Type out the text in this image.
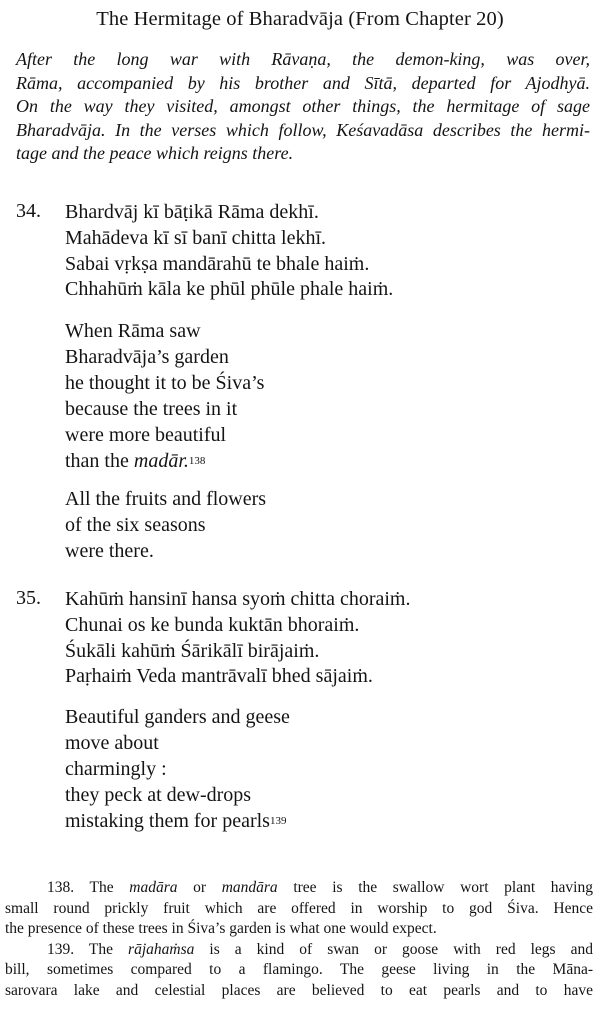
The Hermitage of Bharadvāja (From Chapter 20)
After the long war with Rāvaṇa, the demon-king, was over,
Rāma, accompanied by his brother and Sītā, departed for Ajodhyā.
On the way they visited, amongst other things, the hermitage of sage
Bharadvāja. In the verses which follow, Keśavadāsa describes the hermi-
tage and the peace which reigns there.
34. Bhardvāj kī bāṭikā Rāma dekhī.
Mahādeva kī sī banī chitta lekhī.
Sabai vṛkṣa mandārahū te bhale haiṁ.
Chhahūṁ kāla ke phūl phūle phale haiṁ.
When Rāma saw
Bharadvāja’s garden
he thought it to be Śiva’s
because the trees in it
were more beautiful
than the madār.$^{138}$
All the fruits and flowers
of the six seasons
were there.
35. Kahūṁ hansinī hansa syoṁ chitta choraiṁ.
Chunai os ke bunda kuktān bhoraiṁ.
Śukāli kahūṁ Śārikālī birājaiṁ.
Paṛhaiṁ Veda mantrāvalī bhed sājaiṁ.
Beautiful ganders and geese
move about
charmingly :
they peck at dew-drops
mistaking them for pearls$^{139}$
138. The madāra or mandāra tree is the swallow wort plant having
small round prickly fruit which are offered in worship to god Śiva. Hence
the presence of these trees in Śiva’s garden is what one would expect.
139. The rājahaṁsa is a kind of swan or goose with red legs and
bill, sometimes compared to a flamingo. The geese living in the Māna-
sarovara lake and celestial places are believed to eat pearls and to have
